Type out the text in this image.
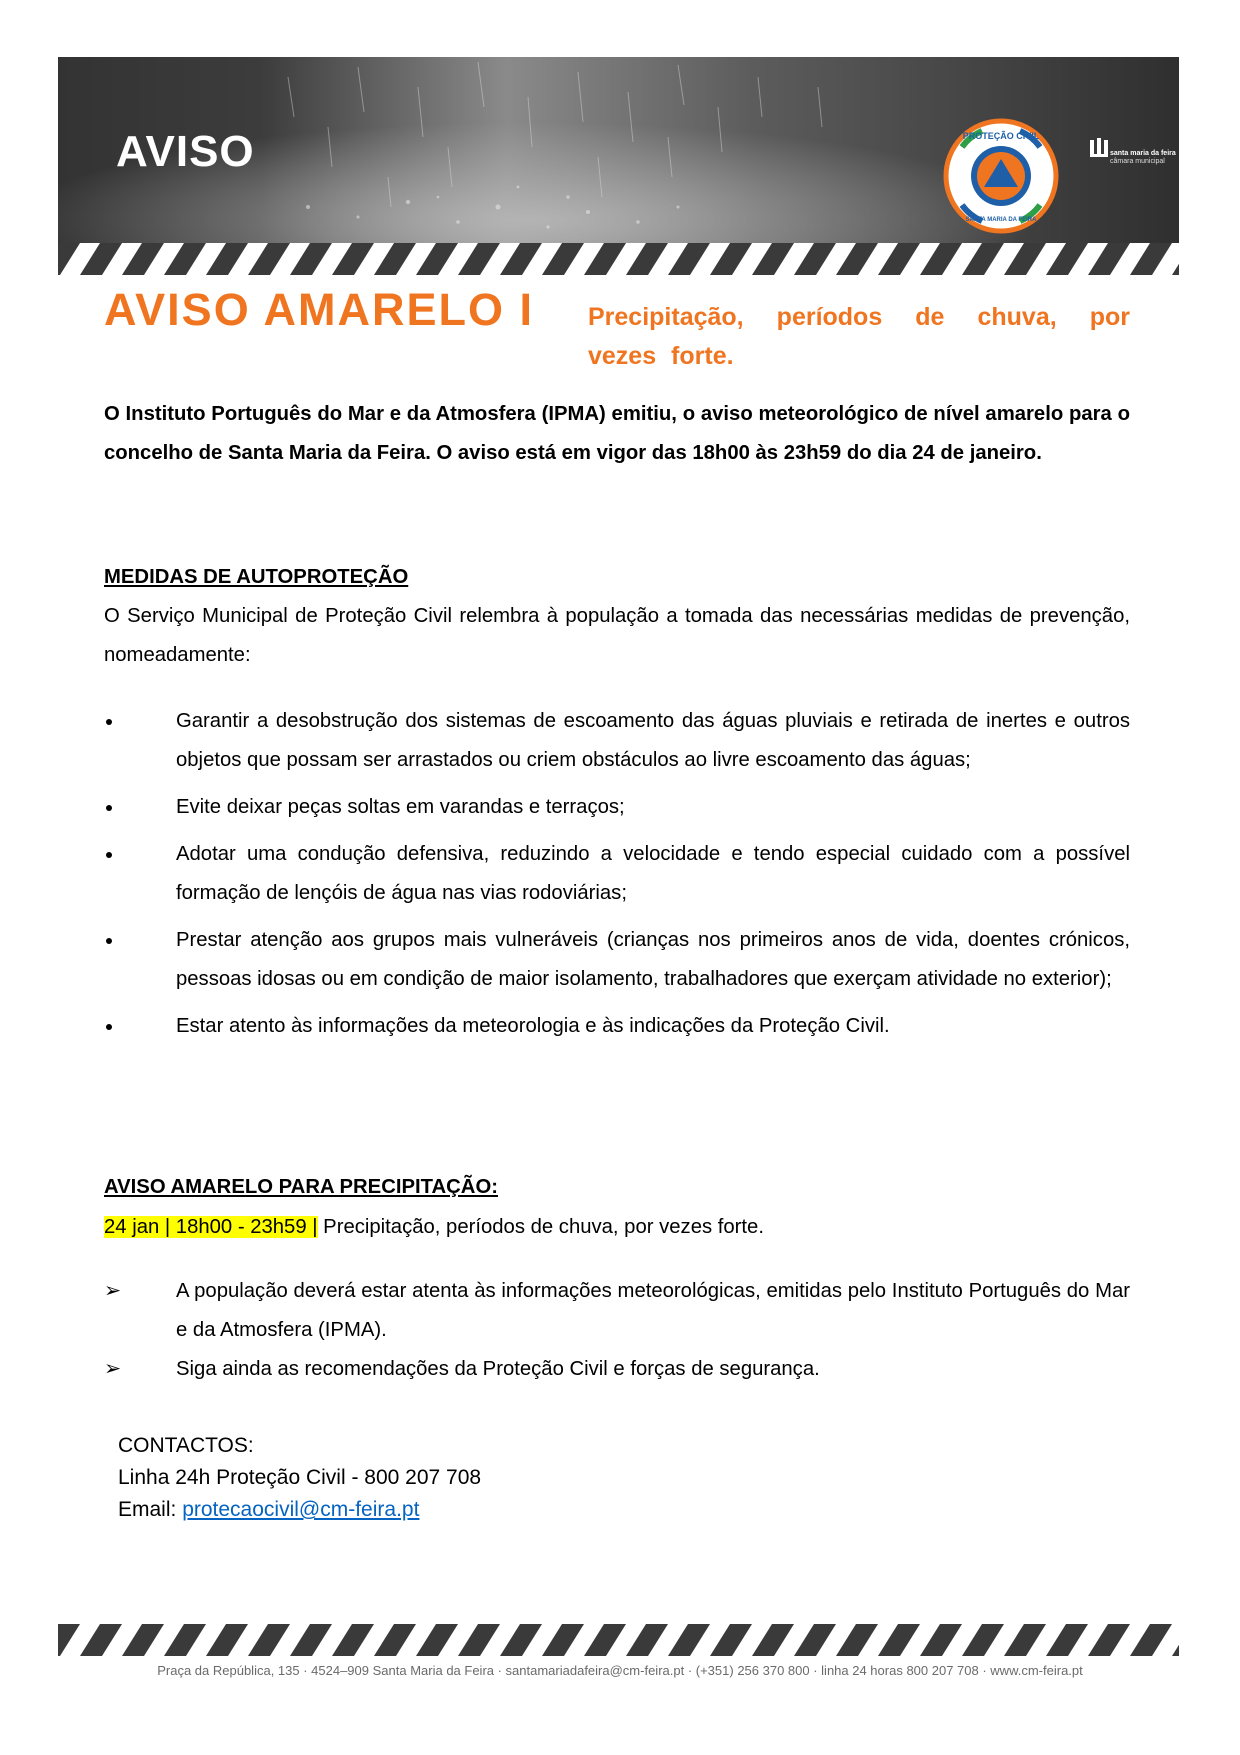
AVISO	PROTEÇÃO CIVIL
SANTA MARIA DA FEIRA
santa maria da feira
câmara municipal
AVISO AMARELO I Precipitação, períodos de chuva, por vezes forte.

O Instituto Português do Mar e da Atmosfera (IPMA) emitiu, o aviso meteorológico de nível amarelo para o concelho de Santa Maria da Feira. O aviso está em vigor das 18h00 às 23h59 do dia 24 de janeiro.

MEDIDAS DE AUTOPROTEÇÃO

O Serviço Municipal de Proteção Civil relembra à população a tomada das necessárias medidas de prevenção, nomeadamente:

Garantir a desobstrução dos sistemas de escoamento das águas pluviais e retirada de inertes e outros objetos que possam ser arrastados ou criem obstáculos ao livre escoamento das águas;
Evite deixar peças soltas em varandas e terraços;
Adotar uma condução defensiva, reduzindo a velocidade e tendo especial cuidado com a possível formação de lençóis de água nas vias rodoviárias;
Prestar atenção aos grupos mais vulneráveis (crianças nos primeiros anos de vida, doentes crónicos, pessoas idosas ou em condição de maior isolamento, trabalhadores que exerçam atividade no exterior);
Estar atento às informações da meteorologia e às indicações da Proteção Civil.

AVISO AMARELO PARA PRECIPITAÇÃO:

24 jan | 18h00 - 23h59 | Precipitação, períodos de chuva, por vezes forte.

➢	A população deverá estar atenta às informações meteorológicas, emitidas pelo Instituto Português do Mar e da Atmosfera (IPMA).
➢	Siga ainda as recomendações da Proteção Civil e forças de segurança.
CONTACTOS:
Linha 24h Proteção Civil - 800 207 708
Email: protecaocivil@cm-feira.pt
Praça da República, 135 · 4524–909 Santa Maria da Feira · santamariadafeira@cm-feira.pt · (+351) 256 370 800 · linha 24 horas 800 207 708 · www.cm-feira.pt
